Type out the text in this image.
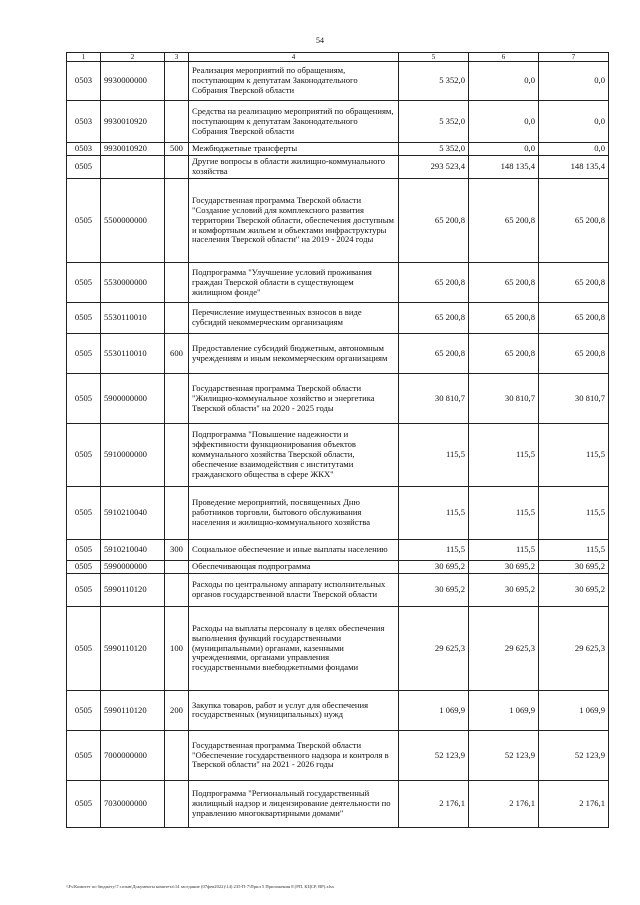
54
1	2	3	4	5	6	7
0503	9930000000		Реализация мероприятий по обращениям, поступающим к депутатам Законодательного Собрания Тверской области	5 352,0	0,0	0,0
0503	9930010920		Средства на реализацию мероприятий по обращениям, поступающим к депутатам Законодательного Собрания Тверской области	5 352,0	0,0	0,0
0503	9930010920	500	Межбюджетные трансферты	5 352,0	0,0	0,0
0505			Другие вопросы в области жилищно-коммунального хозяйства	293 523,4	148 135,4	148 135,4
0505	5500000000		Государственная программа Тверской области "Создание условий для комплексного развития территории Тверской области, обеспечения доступным и комфортным жильем и объектами инфраструктуры населения Тверской области" на 2019 - 2024 годы	65 200,8	65 200,8	65 200,8
0505	5530000000		Подпрограмма "Улучшение условий проживания граждан Тверской области в существующем жилищном фонде"	65 200,8	65 200,8	65 200,8
0505	5530110010		Перечисление имущественных взносов в виде субсидий некоммерческим организациям	65 200,8	65 200,8	65 200,8
0505	5530110010	600	Предоставление субсидий бюджетным, автономным учреждениям и иным некоммерческим организациям	65 200,8	65 200,8	65 200,8
0505	5900000000		Государственная программа Тверской области "Жилищно-коммунальное хозяйство и энергетика Тверской области" на 2020 - 2025 годы	30 810,7	30 810,7	30 810,7
0505	5910000000		Подпрограмма "Повышение надежности и эффективности функционирования объектов коммунального хозяйства Тверской области, обеспечение взаимодействия с институтами гражданского общества в сфере ЖКХ"	115,5	115,5	115,5
0505	5910210040		Проведение мероприятий, посвященных Дню работников торговли, бытового обслуживания населения и жилищно-коммунального хозяйства	115,5	115,5	115,5
0505	5910210040	300	Социальное обеспечение и иные выплаты населению	115,5	115,5	115,5
0505	5990000000		Обеспечивающая подпрограмма	30 695,2	30 695,2	30 695,2
0505	5990110120		Расходы по центральному аппарату исполнительных органов государственной власти Тверской области	30 695,2	30 695,2	30 695,2
0505	5990110120	100	Расходы на выплаты персоналу в целях обеспечения выполнения функций государственными (муниципальными) органами, казенными учреждениями, органами управления государственными внебюджетными фондами	29 625,3	29 625,3	29 625,3
0505	5990110120	200	Закупка товаров, работ и услуг для обеспечения государственных (муниципальных) нужд	1 069,9	1 069,9	1 069,9
0505	7000000000		Государственная программа Тверской области "Обеспечение государственного надзора и контроля в Тверской области" на 2021 - 2026 годы	52 123,9	52 123,9	52 123,9
0505	7030000000		Подпрограмма "Региональный государственный жилищный надзор и лицензирование деятельности по управлению многоквартирными домами"	2 176,1	2 176,1	2 176,1
\\Fs\Комитет по бюджету\7 созыв\Документы комитета\14 заседание (07фев2022)\14) 235-П-7\Прил 5 Приложения 8 (РП, КЦСР, ВР).xlsx
